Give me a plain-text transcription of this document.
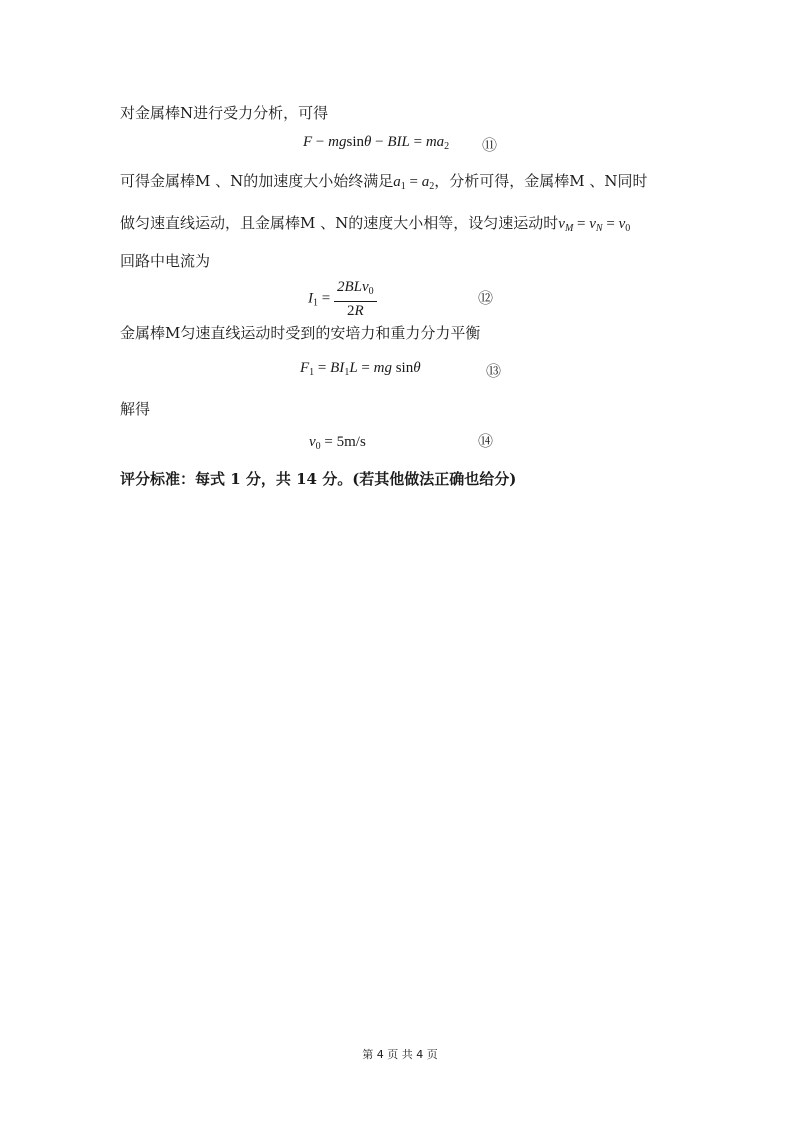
对金属棒N进行受力分析，可得
F − mgsinθ − BIL = $ma_2$ ⑪
可得金属棒M 、N的加速度大小始终满足$a_1 = a_2$，分析可得，金属棒M 、N同时
做匀速直线运动，且金属棒M 、N的速度大小相等，设匀速运动时$v_M = v_N = v_0$
回路中电流为
$I_1 = \frac{2BLv_0}{2R}$	⑫
金属棒M匀速直线运动时受到的安培力和重力分力平衡
$F_1 = BI_1L$ = mg sinθ	⑬
解得
$v_0 = 5m/s$	⑭
评分标准：每式 1 分，共 14 分。(若其他做法正确也给分)
第 4 页 共 4 页
